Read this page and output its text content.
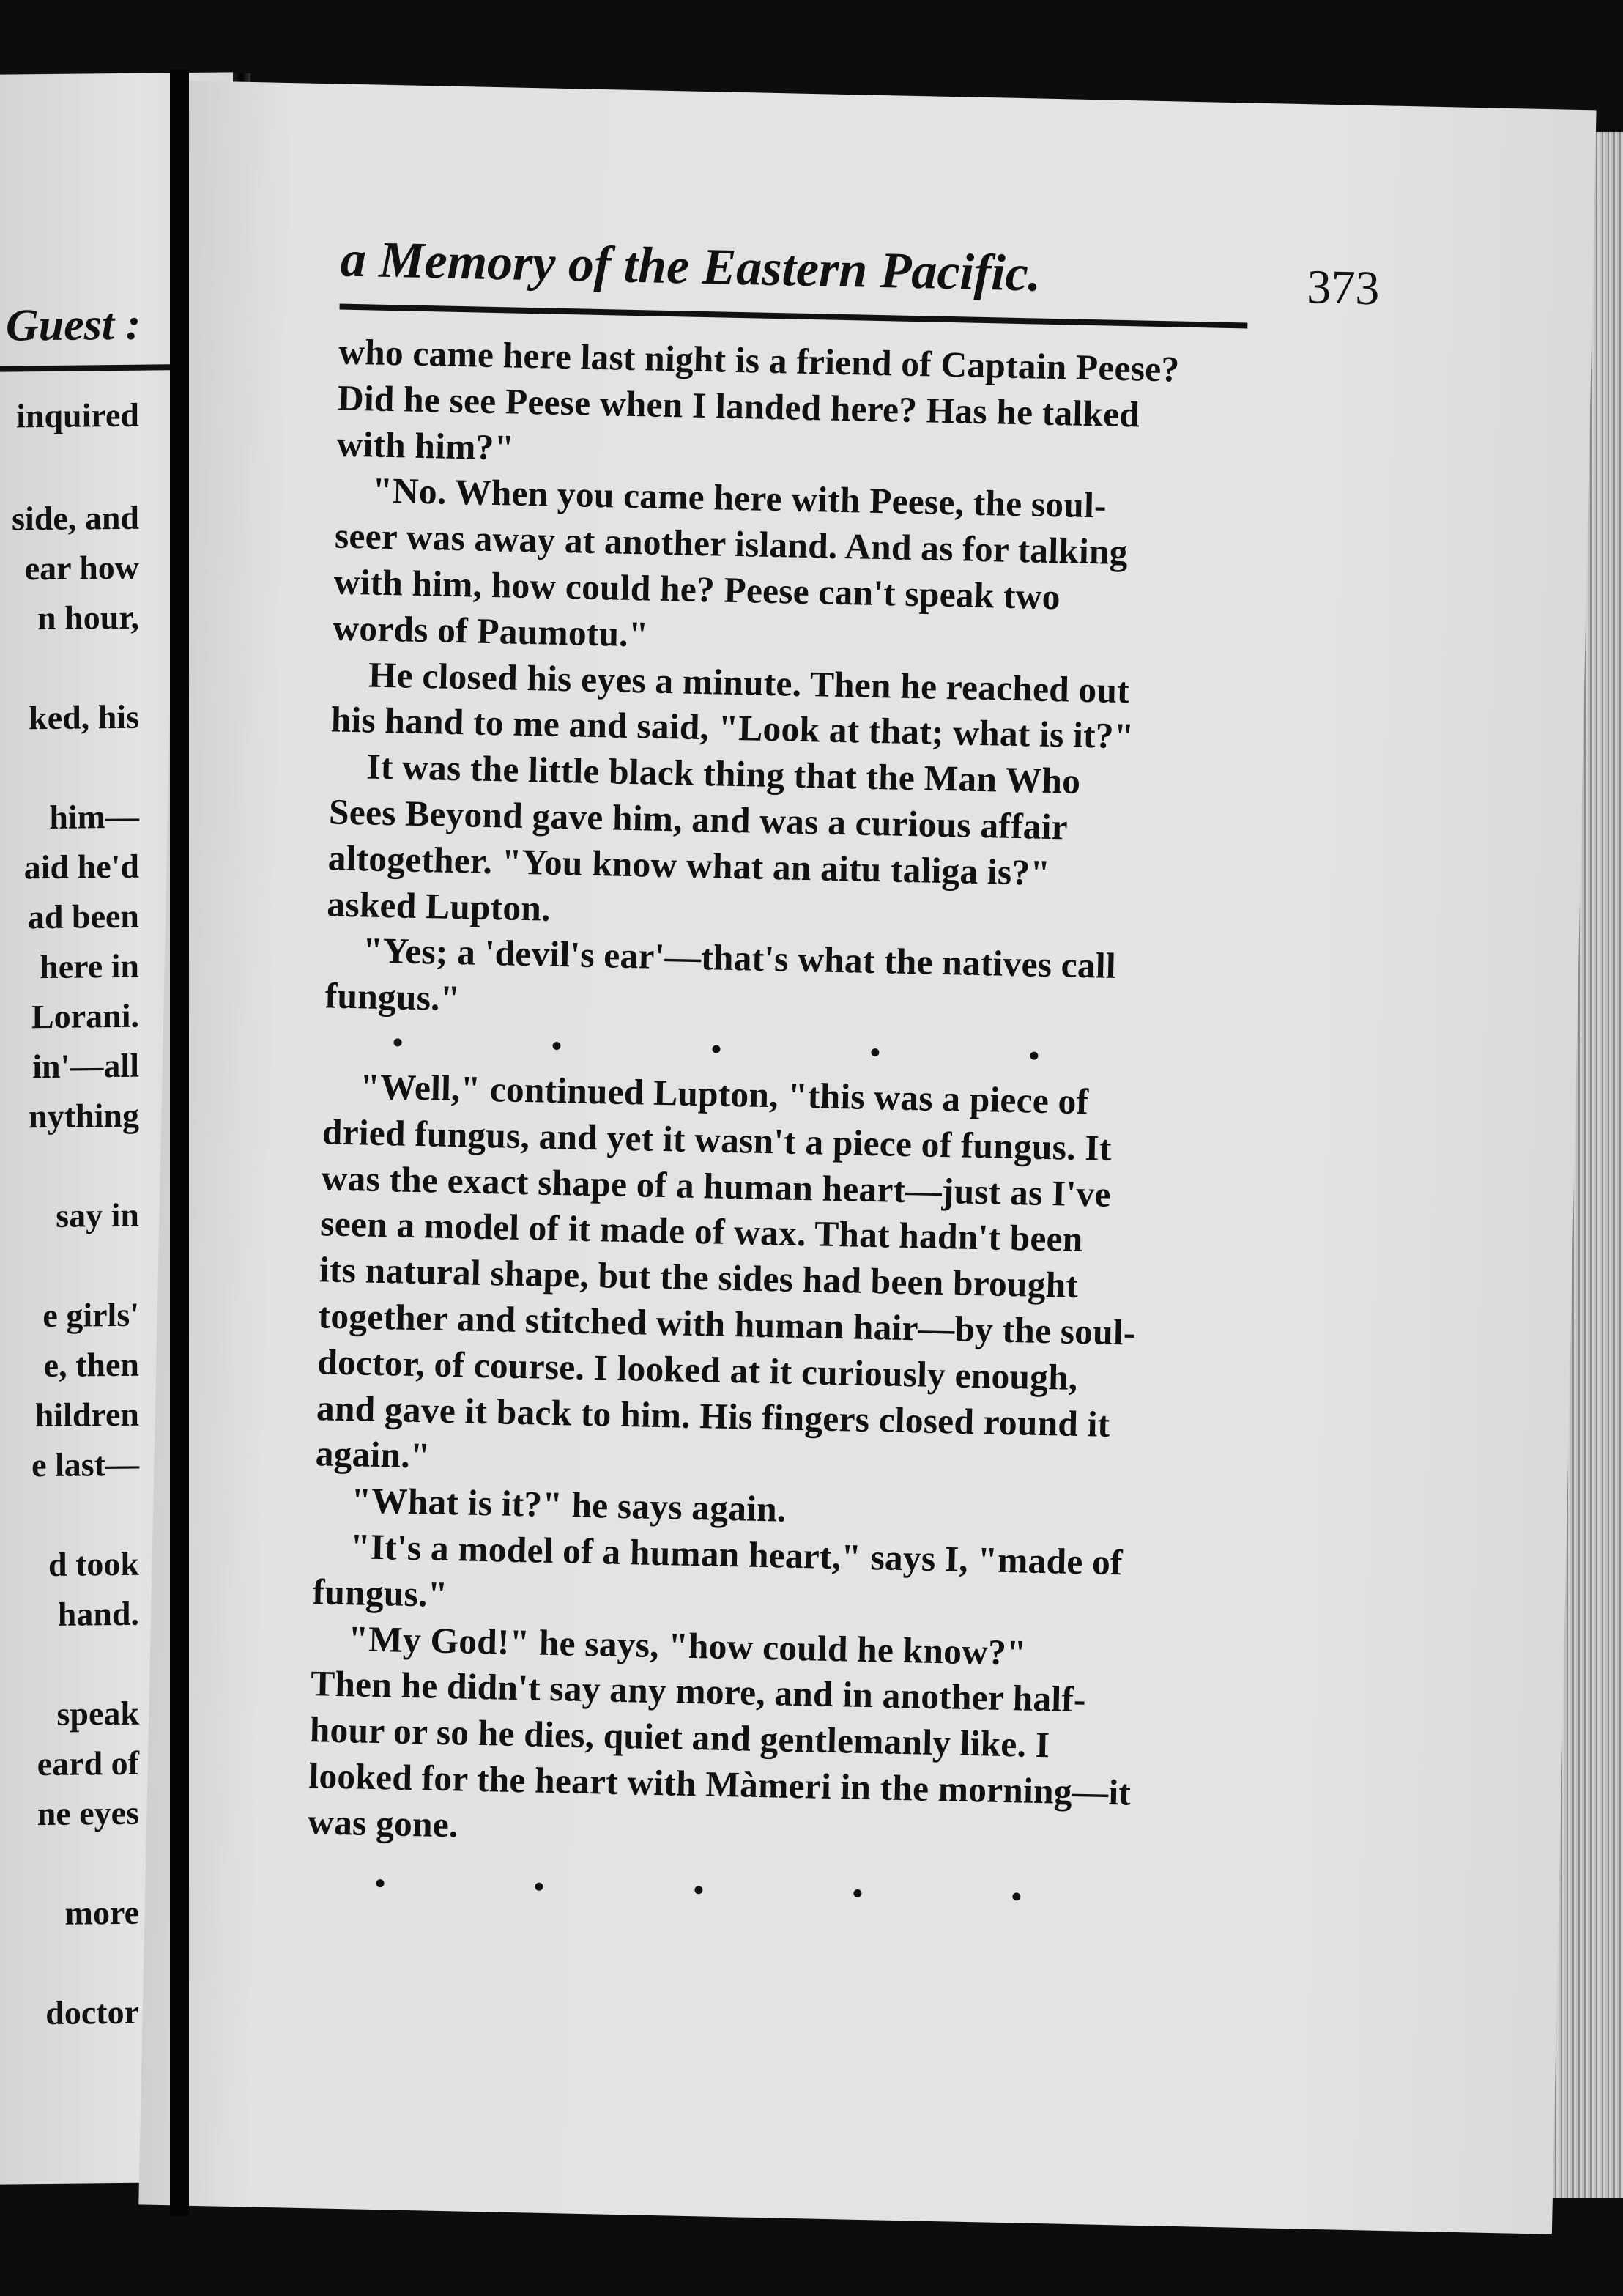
Guest :
inquired
side, and
ear how
n hour,
ked, his
him—
aid he'd
ad been
here in
Lorani.
in'—all
nything
say in
e girls'
e, then
hildren
e last—
d took
hand.
speak
eard of
ne eyes
more
doctor
a Memory of the Eastern Pacific.	373
who came here last night is a friend of Captain Peese?
Did he see Peese when I landed here? Has he talked
with him?"
"No. When you came here with Peese, the soul-
seer was away at another island. And as for talking
with him, how could he? Peese can't speak two
words of Paumotu."
He closed his eyes a minute. Then he reached out
his hand to me and said, "Look at that; what is it?"
It was the little black thing that the Man Who
Sees Beyond gave him, and was a curious affair
altogether. "You know what an aitu taliga is?"
asked Lupton.
"Yes; a 'devil's ear'—that's what the natives call
fungus."
"Well," continued Lupton, "this was a piece of
dried fungus, and yet it wasn't a piece of fungus. It
was the exact shape of a human heart—just as I've
seen a model of it made of wax. That hadn't been
its natural shape, but the sides had been brought
together and stitched with human hair—by the soul-
doctor, of course. I looked at it curiously enough,
and gave it back to him. His fingers closed round it
again."
"What is it?" he says again.
"It's a model of a human heart," says I, "made of
fungus."
"My God!" he says, "how could he know?"
Then he didn't say any more, and in another half-
hour or so he dies, quiet and gentlemanly like. I
looked for the heart with Màmeri in the morning—it
was gone.
